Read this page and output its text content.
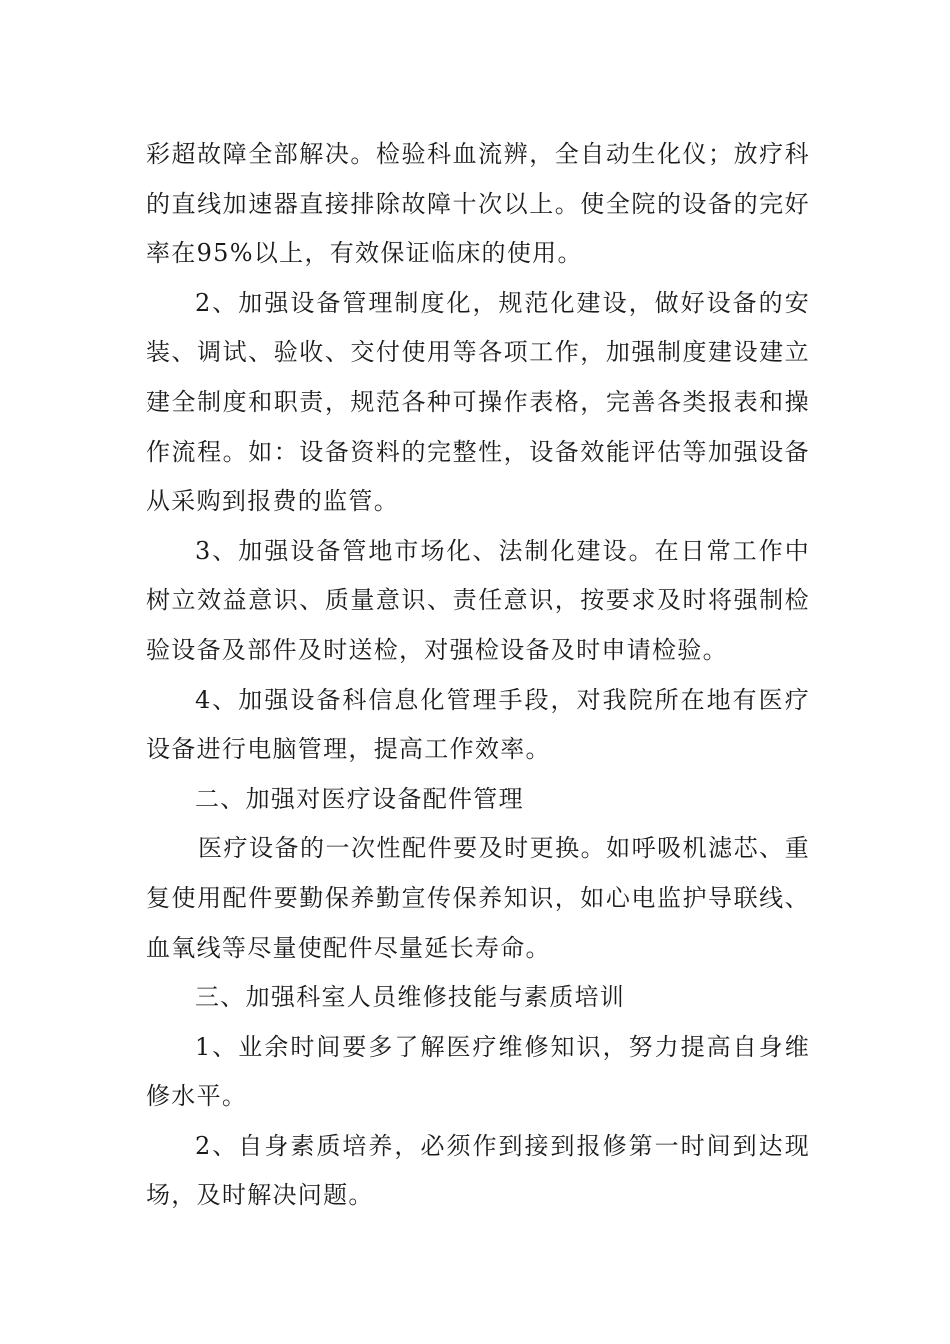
彩超故障全部解决。检验科血流辨，全自动生化仪；放疗科的直线加速器直接排除故障十次以上。使全院的设备的完好率在95%以上，有效保证临床的使用。

2、加强设备管理制度化，规范化建设，做好设备的安装、调试、验收、交付使用等各项工作，加强制度建设建立建全制度和职责，规范各种可操作表格，完善各类报表和操作流程。如：设备资料的完整性，设备效能评估等加强设备从采购到报费的监管。

3、加强设备管地市场化、法制化建设。在日常工作中树立效益意识、质量意识、责任意识，按要求及时将强制检验设备及部件及时送检，对强检设备及时申请检验。

4、加强设备科信息化管理手段，对我院所在地有医疗设备进行电脑管理，提高工作效率。

二、加强对医疗设备配件管理

医疗设备的一次性配件要及时更换。如呼吸机滤芯、重复使用配件要勤保养勤宣传保养知识，如心电监护导联线、血氧线等尽量使配件尽量延长寿命。

三、加强科室人员维修技能与素质培训

1、业余时间要多了解医疗维修知识，努力提高自身维修水平。

2、自身素质培养，必须作到接到报修第一时间到达现场，及时解决问题。
